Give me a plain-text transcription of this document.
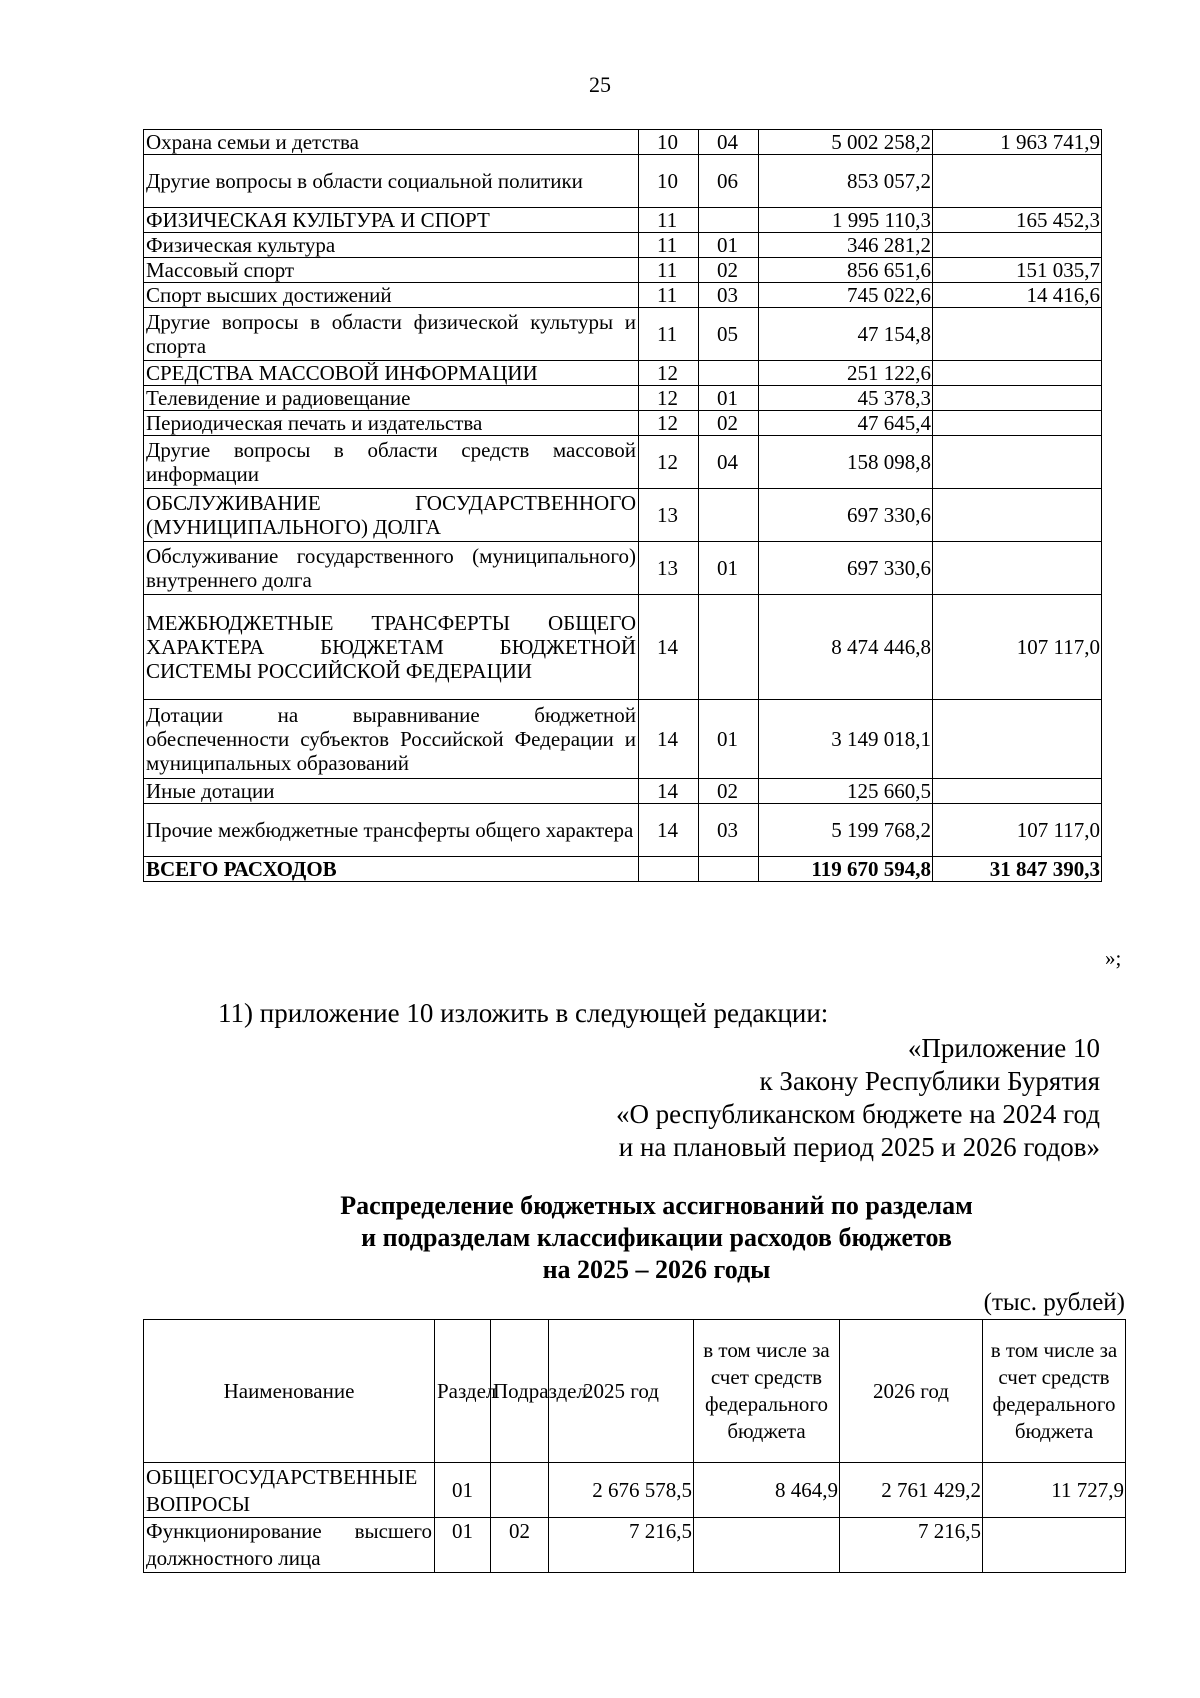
25
Охрана семьи и детства	10	04	5 002 258,2	1 963 741,9
Другие вопросы в области социальной политики	10	06	853 057,2	
ФИЗИЧЕСКАЯ КУЛЬТУРА И СПОРТ	11		1 995 110,3	165 452,3
Физическая культура	11	01	346 281,2	
Массовый спорт	11	02	856 651,6	151 035,7
Спорт высших достижений	11	03	745 022,6	14 416,6
Другие вопросы в области физической культуры и спорта	11	05	47 154,8	
СРЕДСТВА МАССОВОЙ ИНФОРМАЦИИ	12		251 122,6	
Телевидение и радиовещание	12	01	45 378,3	
Периодическая печать и издательства	12	02	47 645,4	
Другие вопросы в области средств массовой информации	12	04	158 098,8	
ОБСЛУЖИВАНИЕ ГОСУДАРСТВЕННОГО (МУНИЦИПАЛЬНОГО) ДОЛГА	13		697 330,6	
Обслуживание государственного (муниципального) внутреннего долга	13	01	697 330,6	
МЕЖБЮДЖЕТНЫЕ ТРАНСФЕРТЫ ОБЩЕГО ХАРАКТЕРА БЮДЖЕТАМ БЮДЖЕТНОЙ СИСТЕМЫ РОССИЙСКОЙ ФЕДЕРАЦИИ	14		8 474 446,8	107 117,0
Дотации на выравнивание бюджетной обеспеченности субъектов Российской Федерации и муниципальных образований	14	01	3 149 018,1	
Иные дотации	14	02	125 660,5	
Прочие межбюджетные трансферты общего характера	14	03	5 199 768,2	107 117,0
ВСЕГО РАСХОДОВ			119 670 594,8	31 847 390,3
»;
11) приложение 10 изложить в следующей редакции:
«Приложение 10
к Закону Республики Бурятия
«О республиканском бюджете на 2024 год
и на плановый период 2025 и 2026 годов»
Распределение бюджетных ассигнований по разделам
и подразделам классификации расходов бюджетов
на 2025 – 2026 годы
(тыс. рублей)
Наименование	Раздел	Подраздел	2025 год	в том числе за счет средств федерального бюджета	2026 год	в том числе за счет средств федерального бюджета

ОБЩЕГОСУДАРСТВЕННЫЕ ВОПРОСЫ	01		2 676 578,5	8 464,9	2 761 429,2	11 727,9

Функционирование высшего должностного лица	01	02	7 216,5		7 216,5	
